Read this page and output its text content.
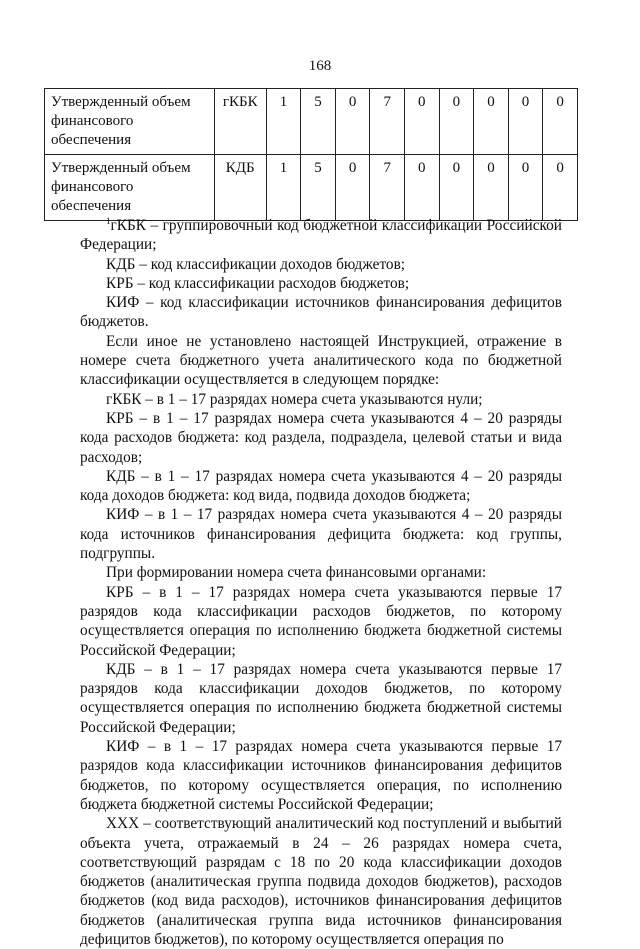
168
Утвержденный объем финансового обеспечения	гКБК	1	5	0	7	0	0	0	0	0
Утвержденный объем финансового обеспечения	КДБ	1	5	0	7	0	0	0	0	0

$^1$гКБК – группировочный код бюджетной классификации Российской Федерации;

КДБ – код классификации доходов бюджетов;

КРБ – код классификации расходов бюджетов;

КИФ – код классификации источников финансирования дефицитов бюджетов.

Если иное не установлено настоящей Инструкцией, отражение в номере счета бюджетного учета аналитического кода по бюджетной классификации осуществляется в следующем порядке:

гКБК – в 1 – 17 разрядах номера счета указываются нули;

КРБ – в 1 – 17 разрядах номера счета указываются 4 – 20 разряды кода расходов бюджета: код раздела, подраздела, целевой статьи и вида расходов;

КДБ – в 1 – 17 разрядах номера счета указываются 4 – 20 разряды кода доходов бюджета: код вида, подвида доходов бюджета;

КИФ – в 1 – 17 разрядах номера счета указываются 4 – 20 разряды кода источников финансирования дефицита бюджета: код группы, подгруппы.

При формировании номера счета финансовыми органами:

КРБ – в 1 – 17 разрядах номера счета указываются первые 17 разрядов кода классификации расходов бюджетов, по которому осуществляется операция по исполнению бюджета бюджетной системы Российской Федерации;

КДБ – в 1 – 17 разрядах номера счета указываются первые 17 разрядов кода классификации доходов бюджетов, по которому осуществляется операция по исполнению бюджета бюджетной системы Российской Федерации;

КИФ – в 1 – 17 разрядах номера счета указываются первые 17 разрядов кода классификации источников финансирования дефицитов бюджетов, по которому осуществляется операция, по исполнению бюджета бюджетной системы Российской Федерации;

ХХХ – соответствующий аналитический код поступлений и выбытий объекта учета, отражаемый в 24 – 26 разрядах номера счета, соответствующий разрядам с 18 по 20 кода классификации доходов бюджетов (аналитическая группа подвида доходов бюджетов), расходов бюджетов (код вида расходов), источников финансирования дефицитов бюджетов (аналитическая группа вида источников финансирования дефицитов бюджетов), по которому осуществляется операция по
